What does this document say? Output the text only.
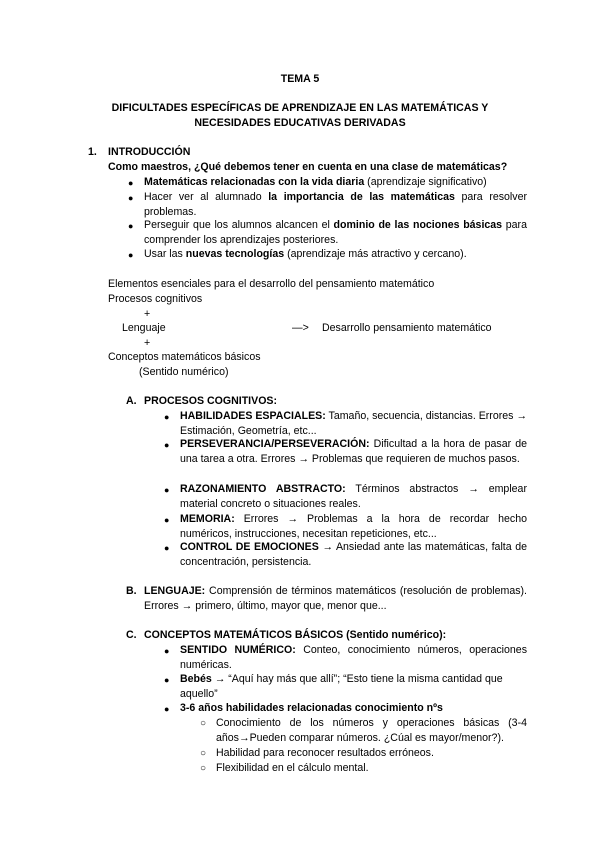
TEMA 5
DIFICULTADES ESPECÍFICAS DE APRENDIZAJE EN LAS MATEMÁTICAS Y
NECESIDADES EDUCATIVAS DERIVADAS
1. INTRODUCCIÓN
Como maestros, ¿Qué debemos tener en cuenta en una clase de matemáticas?
● Matemáticas relacionadas con la vida diaria (aprendizaje significativo)
● Hacer ver al alumnado la importancia de las matemáticas para resolver problemas.
● Perseguir que los alumnos alcancen el dominio de las nociones básicas para comprender los aprendizajes posteriores.
● Usar las nuevas tecnologías (aprendizaje más atractivo y cercano).
Elementos esenciales para el desarrollo del pensamiento matemático
Procesos cognitivos
+
Lenguaje	—> Desarrollo pensamiento matemático
+
Conceptos matemáticos básicos
(Sentido numérico)
A. PROCESOS COGNITIVOS:
● HABILIDADES ESPACIALES: Tamaño, secuencia, distancias. Errores → Estimación, Geometría, etc...
● PERSEVERANCIA/PERSEVERACIÓN: Dificultad a la hora de pasar de una tarea a otra. Errores → Problemas que requieren de muchos pasos.
● RAZONAMIENTO ABSTRACTO: Términos abstractos → emplear material concreto o situaciones reales.
● MEMORIA: Errores → Problemas a la hora de recordar hecho numéricos, instrucciones, necesitan repeticiones, etc...
● CONTROL DE EMOCIONES → Ansiedad ante las matemáticas, falta de concentración, persistencia.
B. LENGUAJE: Comprensión de términos matemáticos (resolución de problemas). Errores → primero, último, mayor que, menor que...
C. CONCEPTOS MATEMÁTICOS BÁSICOS (Sentido numérico):
● SENTIDO NUMÉRICO: Conteo, conocimiento números, operaciones numéricas.
● Bebés → “Aquí hay más que allí”; “Esto tiene la misma cantidad que aquello”
● 3-6 años habilidades relacionadas conocimiento nºs
○ Conocimiento de los números y operaciones básicas (3-4 años→Pueden comparar números. ¿Cúal es mayor/menor?).
○ Habilidad para reconocer resultados erróneos.
○ Flexibilidad en el cálculo mental.
